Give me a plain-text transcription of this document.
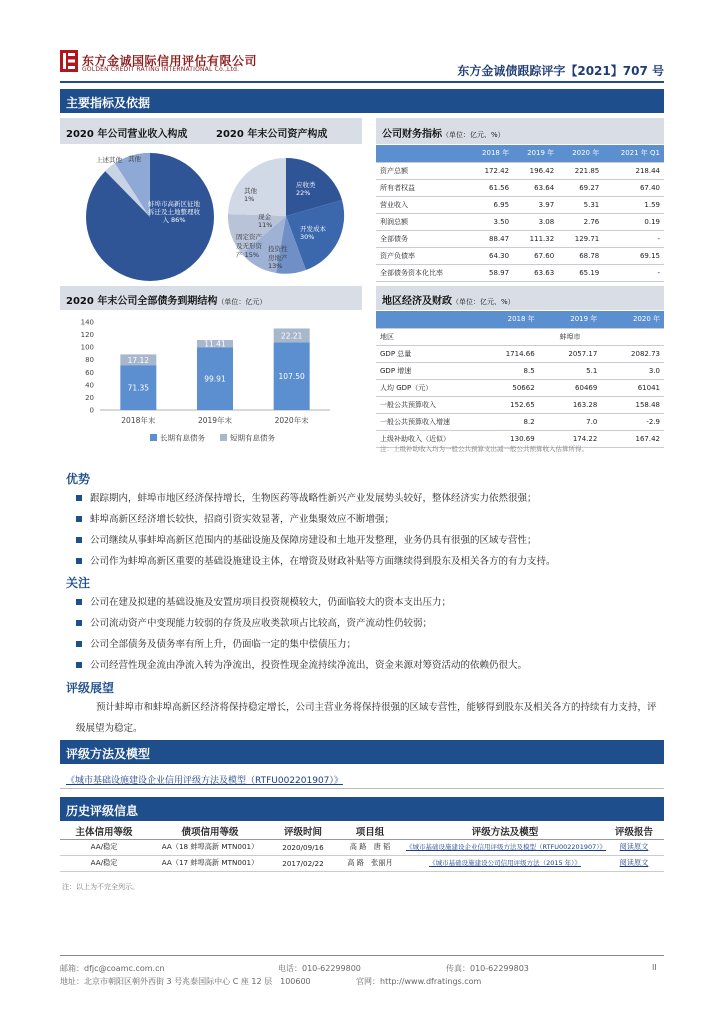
东方金诚国际信用评估有限公司
GOLDEN CREDIT RATING INTERNATIONAL Co.,Ltd.	东方金诚债跟踪评字【2021】707 号
主要指标及依据
2020 年公司营业收入构成
上述其他 其他
蚌埠市高新区征地拆迁及土地整理收入 86%
2020 年末公司资产构成
应收类 22%
开发成本 30%
其他 1%
投资性房地产 13%
固定资产及无形资产 15%
现金 11%
公司财务指标（单位：亿元、%）
	2018 年	2019 年	2020 年	2021 年 Q1
资产总额	172.42	196.42	221.85	218.44
所有者权益	61.56	63.64	69.27	67.40
营业收入	6.95	3.97	5.31	1.59
利润总额	3.50	3.08	2.76	0.19
全部债务	88.47	111.32	129.71	-
资产负债率	64.30	67.60	68.78	69.15
全部债务资本化比率	58.97	63.63	65.19	-
2020 年末公司全部债务到期结构（单位：亿元）
0
20
40
60
80
100
120
140
71.35
17.12
2018年末
99.91
11.41
2019年末
107.50
22.21
2020年末
长期有息债务	短期有息债务
地区经济及财政（单位：亿元、%）
	2018 年	2019 年	2020 年
地区	蚌埠市		
GDP 总量	1714.66	2057.17	2082.73
GDP 增速	8.5	5.1	3.0
人均 GDP（元）	50662	60469	61041
一般公共预算收入	152.65	163.28	158.48
一般公共预算收入增速	8.2	7.0	-2.9
上级补助收入（近似）	130.69	174.22	167.42
注：上级补助收入均为一般公共预算支出减一般公共预算收入估算所得。
优势
跟踪期内，蚌埠市地区经济保持增长，生物医药等战略性新兴产业发展势头较好，整体经济实力依然很强；
蚌埠高新区经济增长较快，招商引资实效显著，产业集聚效应不断增强；
公司继续从事蚌埠高新区范围内的基础设施及保障房建设和土地开发整理，业务仍具有很强的区域专营性；
公司作为蚌埠高新区重要的基础设施建设主体，在增资及财政补贴等方面继续得到股东及相关各方的有力支持。
关注
公司在建及拟建的基础设施及安置房项目投资规模较大，仍面临较大的资本支出压力；
公司流动资产中变现能力较弱的存货及应收类款项占比较高，资产流动性仍较弱；
公司全部债务及债务率有所上升，仍面临一定的集中偿债压力；
公司经营性现金流由净流入转为净流出，投资性现金流持续净流出，资金来源对筹资活动的依赖仍很大。
评级展望
预计蚌埠市和蚌埠高新区经济将保持稳定增长，公司主营业务将保持很强的区域专营性，能够得到股东及相关各方的持续有力支持，评级展望为稳定。
评级方法及模型
《城市基础设施建设企业信用评级方法及模型（RTFU002201907）》
历史评级信息
主体信用等级	债项信用等级	评级时间	项目组	评级方法及模型	评级报告
AA/稳定	AA（18 蚌埠高新 MTN001）	2020/09/16	高 路　唐 韬	《城市基础设施建设企业信用评级方法及模型（RTFU002201907）》	阅读原文
AA/稳定	AA（17 蚌埠高新 MTN001）	2017/02/22	高 路　张丽月	《城市基础设施建设公司信用评级方法（2015 年）》	阅读原文
注：以上为不完全列示。
邮箱：dfjc@coamc.com.cn	电话：010-62299800	传真：010-62299803	II
地址：北京市朝阳区朝外西街 3 号兆泰国际中心 C 座 12 层　100600	官网：http://www.dfratings.com
